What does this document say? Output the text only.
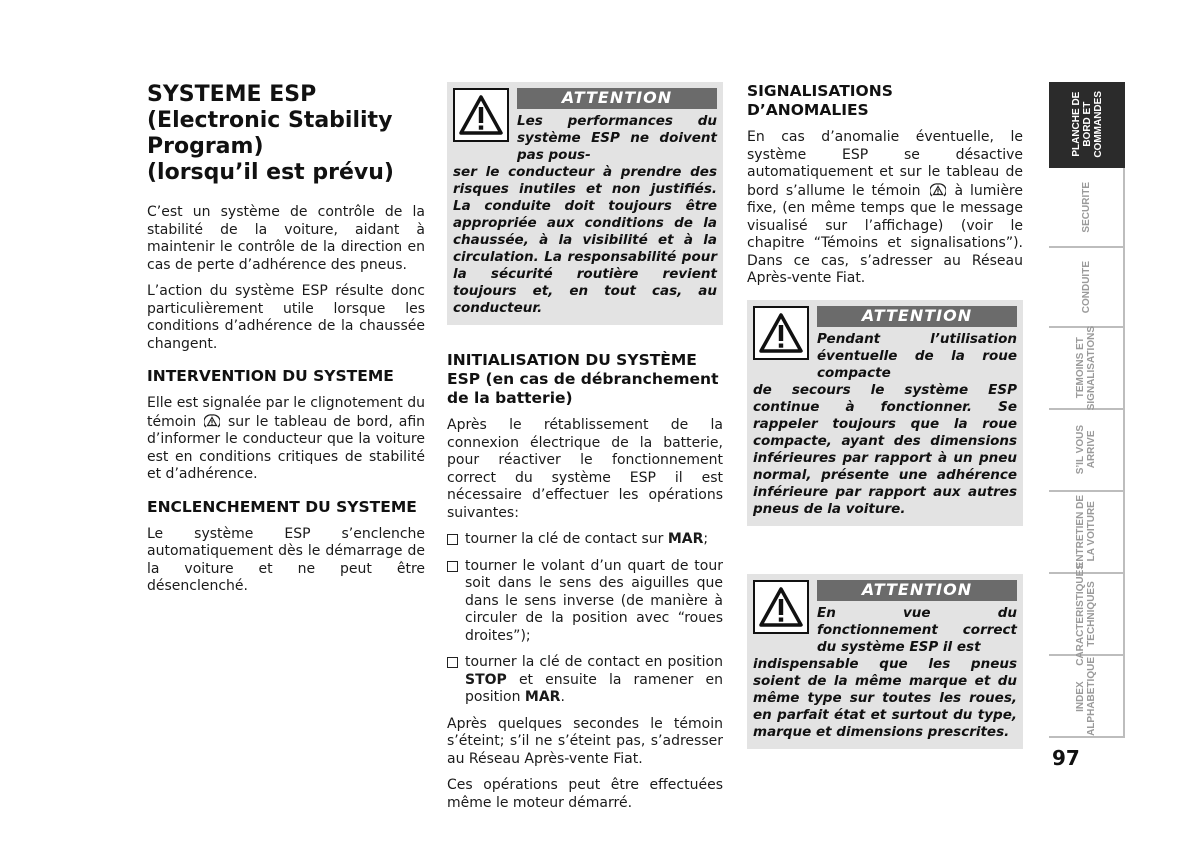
SYSTEME ESP
(Electronic Stability
Program)
(lorsqu’il est prévu)

C’est un système de contrôle de la stabilité de la voiture, aidant à maintenir le contrôle de la direction en cas de perte d’adhérence des pneus.

L’action du système ESP résulte donc particulièrement utile lorsque les conditions d’adhérence de la chaussée changent.

INTERVENTION DU SYSTEME

Elle est signalée par le clignotement du témoin sur le tableau de bord, afin d’informer le conducteur que la voiture est en conditions critiques de stabilité et d’adhérence.

ENCLENCHEMENT DU SYSTEME

Le système ESP s’enclenche automatiquement dès le démarrage de la voiture et ne peut être désenclenché.

ATTENTION
Les performances du système ESP ne doivent pas pous-
ser le conducteur à prendre des risques inutiles et non justifiés. La conduite doit toujours être appropriée aux conditions de la chaussée, à la visibilité et à la circulation. La responsabilité pour la sécurité routière revient toujours et, en tout cas, au conducteur.
INITIALISATION DU SYSTÈME
ESP (en cas de débranchement
de la batterie)

Après le rétablissement de la connexion électrique de la batterie, pour réactiver le fonctionnement correct du système ESP il est nécessaire d’effectuer les opérations suivantes:

tourner la clé de contact sur MAR;
tourner le volant d’un quart de tour soit dans le sens des aiguilles que dans le sens inverse (de manière à circuler de la position avec “roues droites”);
tourner la clé de contact en position STOP et ensuite la ramener en position MAR.

Après quelques secondes le témoin s’éteint; s’il ne s’éteint pas, s’adresser au Réseau Après-vente Fiat.

Ces opérations peut être effectuées même le moteur démarré.

SIGNALISATIONS
D’ANOMALIES

En cas d’anomalie éventuelle, le système ESP se désactive automatiquement et sur le tableau de bord s’allume le témoin à lumière fixe, (en même temps que le message visualisé sur l’affichage) (voir le chapitre “Témoins et signalisations”). Dans ce cas, s’adresser au Réseau Après-vente Fiat.

ATTENTION
Pendant l’utilisation éventuelle de la roue compacte
de secours le système ESP continue à fonctionner. Se rappeler toujours que la roue compacte, ayant des dimensions inférieures par rapport à un pneu normal, présente une adhérence inférieure par rapport aux autres pneus de la voiture.
ATTENTION
En vue du fonctionnement correct du système ESP il est
indispensable que les pneus soient de la même marque et du même type sur toutes les roues, en parfait état et surtout du type, marque et dimensions prescrites.
PLANCHE DE
BORD ET
COMMANDES
SECURITE
CONDUITE
TEMOINS ET
SIGNALISATIONS
S’IL VOUS
ARRIVE
ENTRETIEN DE
LA VOITURE
CARACTERISTIQUES
TECHNIQUES
INDEX
ALPHABETIQUE
97
